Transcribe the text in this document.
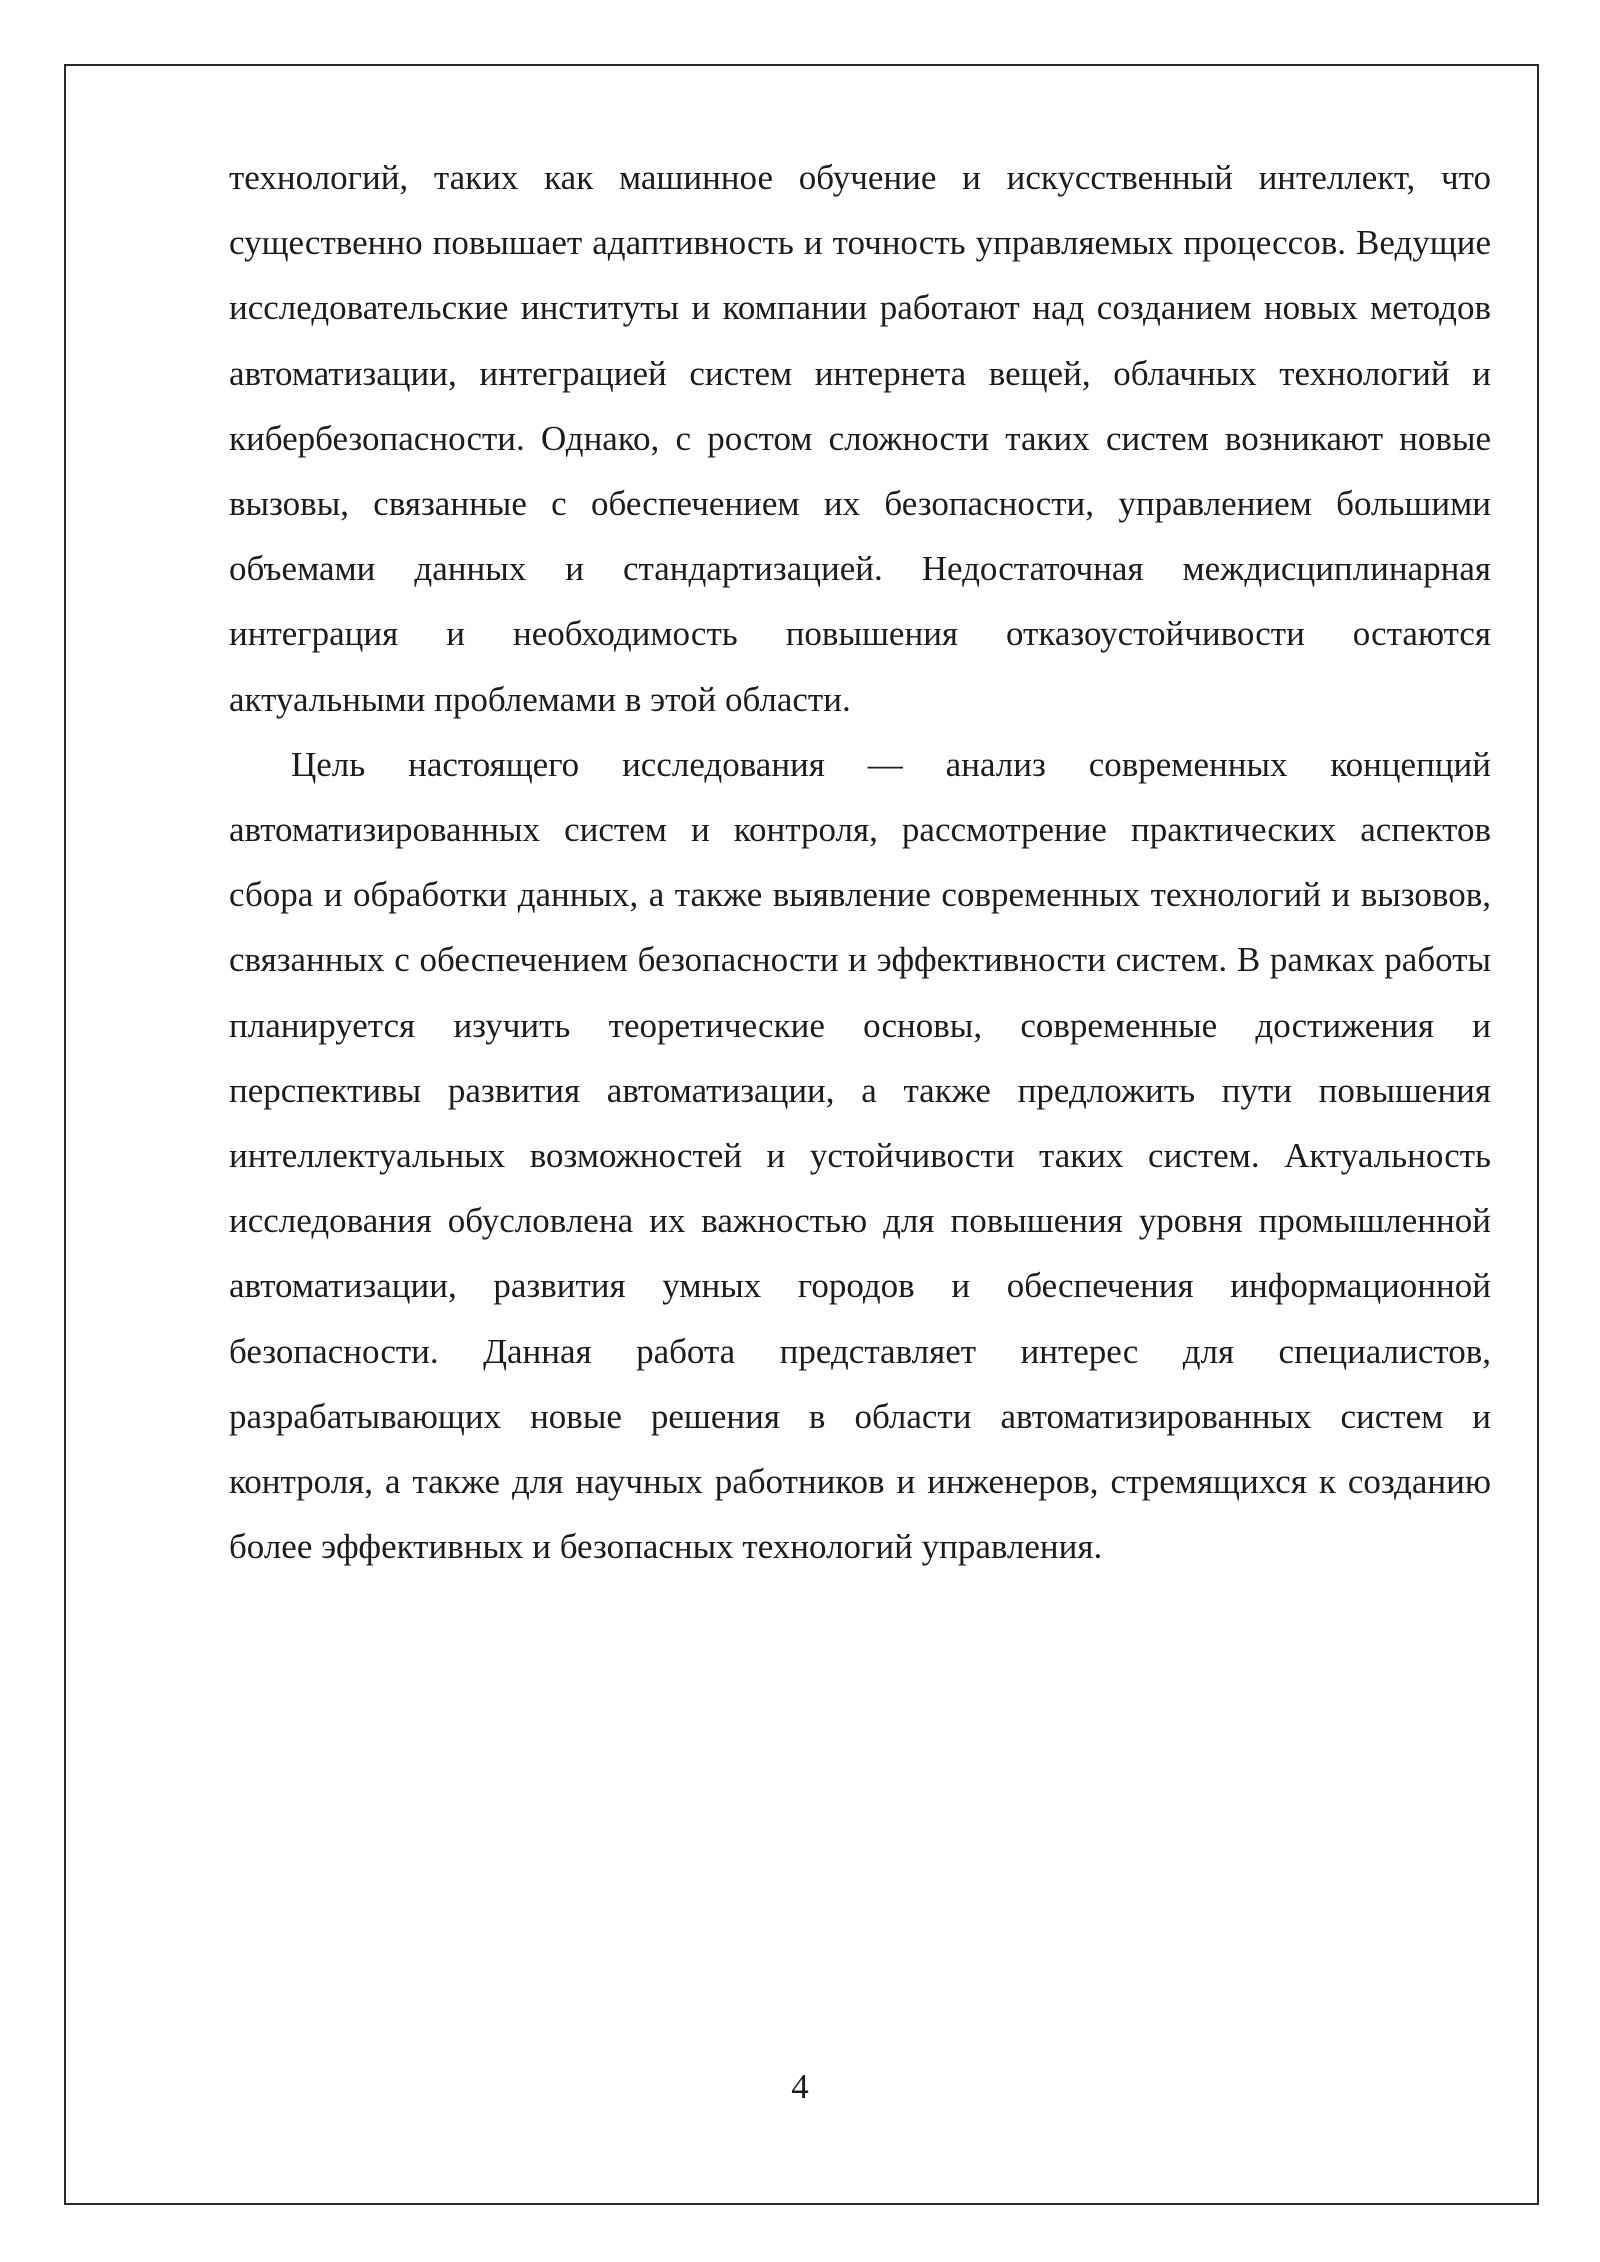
технологий, таких как машинное обучение и искусственный интеллект, что существенно повышает адаптивность и точность управляемых процессов. Ведущие исследовательские институты и компании работают над созданием новых методов автоматизации, интеграцией систем интернета вещей, облачных технологий и кибербезопасности. Однако, с ростом сложности таких систем возникают новые вызовы, связанные с обеспечением их безопасности, управлением большими объемами данных и стандартизацией. Недостаточная междисциплинарная интеграция и необходимость повышения отказоустойчивости остаются актуальными проблемами в этой области.

Цель настоящего исследования — анализ современных концепций автоматизированных систем и контроля, рассмотрение практических аспектов сбора и обработки данных, а также выявление современных технологий и вызовов, связанных с обеспечением безопасности и эффективности систем. В рамках работы планируется изучить теоретические основы, современные достижения и перспективы развития автоматизации, а также предложить пути повышения интеллектуальных возможностей и устойчивости таких систем. Актуальность исследования обусловлена их важностью для повышения уровня промышленной автоматизации, развития умных городов и обеспечения информационной безопасности. Данная работа представляет интерес для специалистов, разрабатывающих новые решения в области автоматизированных систем и контроля, а также для научных работников и инженеров, стремящихся к созданию более эффективных и безопасных технологий управления.

4
